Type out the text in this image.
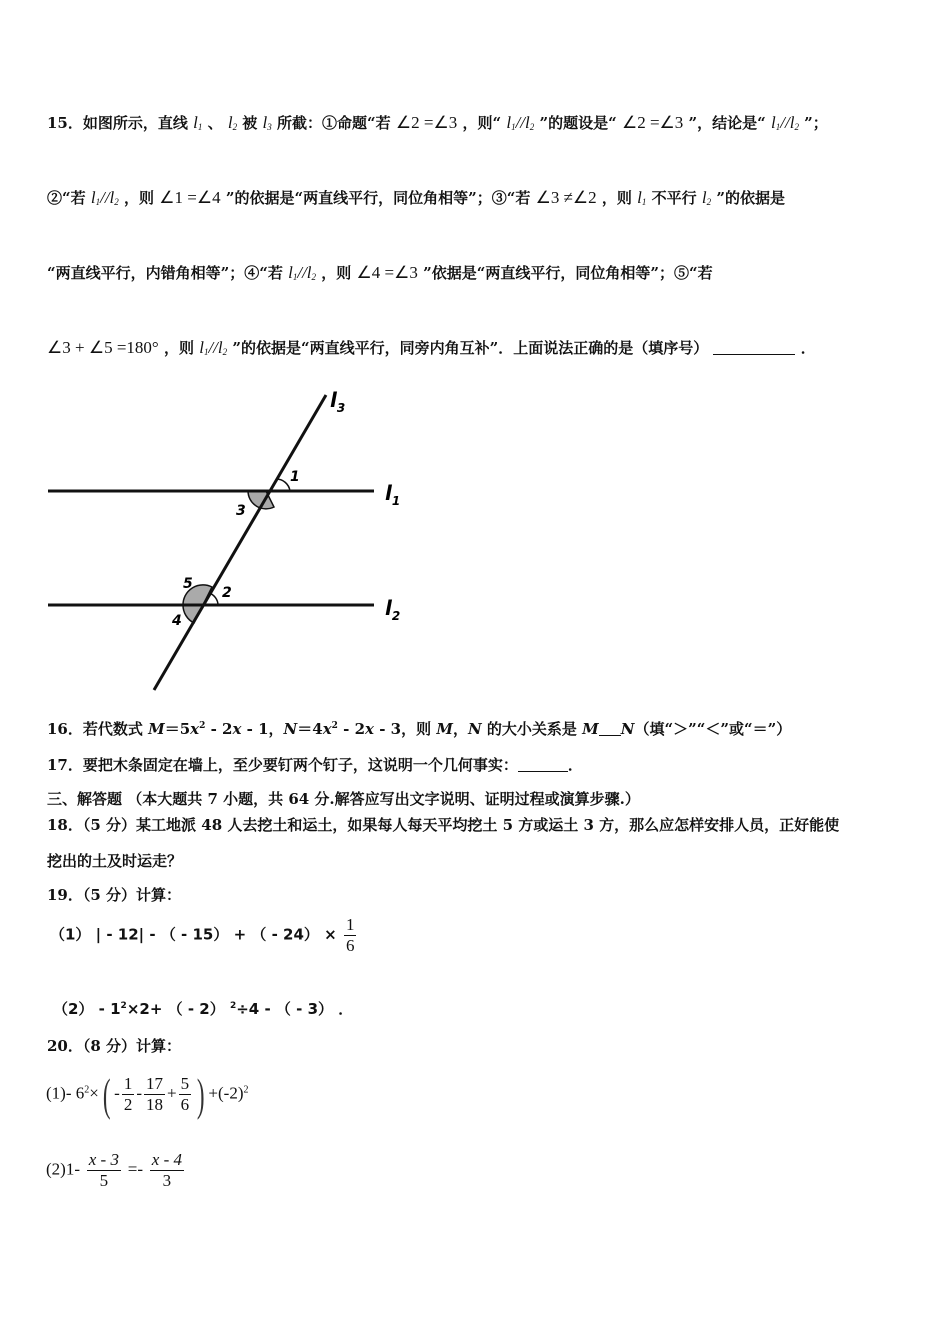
15．如图所示，直线 $l_1$ 、 $l_2$ 被 $l_3$ 所截：①命题“若 ∠2 =∠3 ，则“ $l_1//l_2$ ”的题设是“ ∠2 =∠3 ”，结论是“ $l_1//l_2$ ”；
②“若 $l_1//l_2$ ，则 ∠1 =∠4 ”的依据是“两直线平行，同位角相等”；③“若 ∠3 ≠∠2 ，则 $l_1$ 不平行 $l_2$ ”的依据是
“两直线平行，内错角相等”；④“若 $l_1//l_2$ ，则 ∠4 =∠3 ”依据是“两直线平行，同位角相等”；⑤“若
∠3 + ∠5 =180° ，则 $l_1//l_2$ ”的依据是“两直线平行，同旁内角互补”．上面说法正确的是（填序号）	．
$l_3$
$l_1$
$l_2$
1
3
5
2
4
16．若代数式 $M=5x^2 - 2x - 1$，$N=4x^2 - 2x - 3$，则 M，N 的大小关系是 M N（填“＞”“＜”或“＝”）
17．要把木条固定在墙上，至少要钉两个钉子，这说明一个几何事实：	．
三、解答题 （本大题共 7 小题，共 64 分.解答应写出文字说明、证明过程或演算步骤.）
18．（5 分）某工地派 48 人去挖土和运土，如果每人每天平均挖土 5 方或运土 3 方，那么应怎样安排人员，正好能使
挖出的土及时运走？
19．（5 分）计算：
（1） | - 12| - （ - 15） + （ - $24) \times \frac{1}{6}$
$(2) - 1^2\times 2+$ （ - 2） $^2$÷4 - （ - 3） ．
20．（8 分）计算：
(1)- $6^2\times( - \frac{1}{2} - \frac{17}{18} + \frac{5}{6}$ ) $+(-2)^2$
$(2)1- \frac{x - 3}{5} =- \frac{x - 4}{3}$
